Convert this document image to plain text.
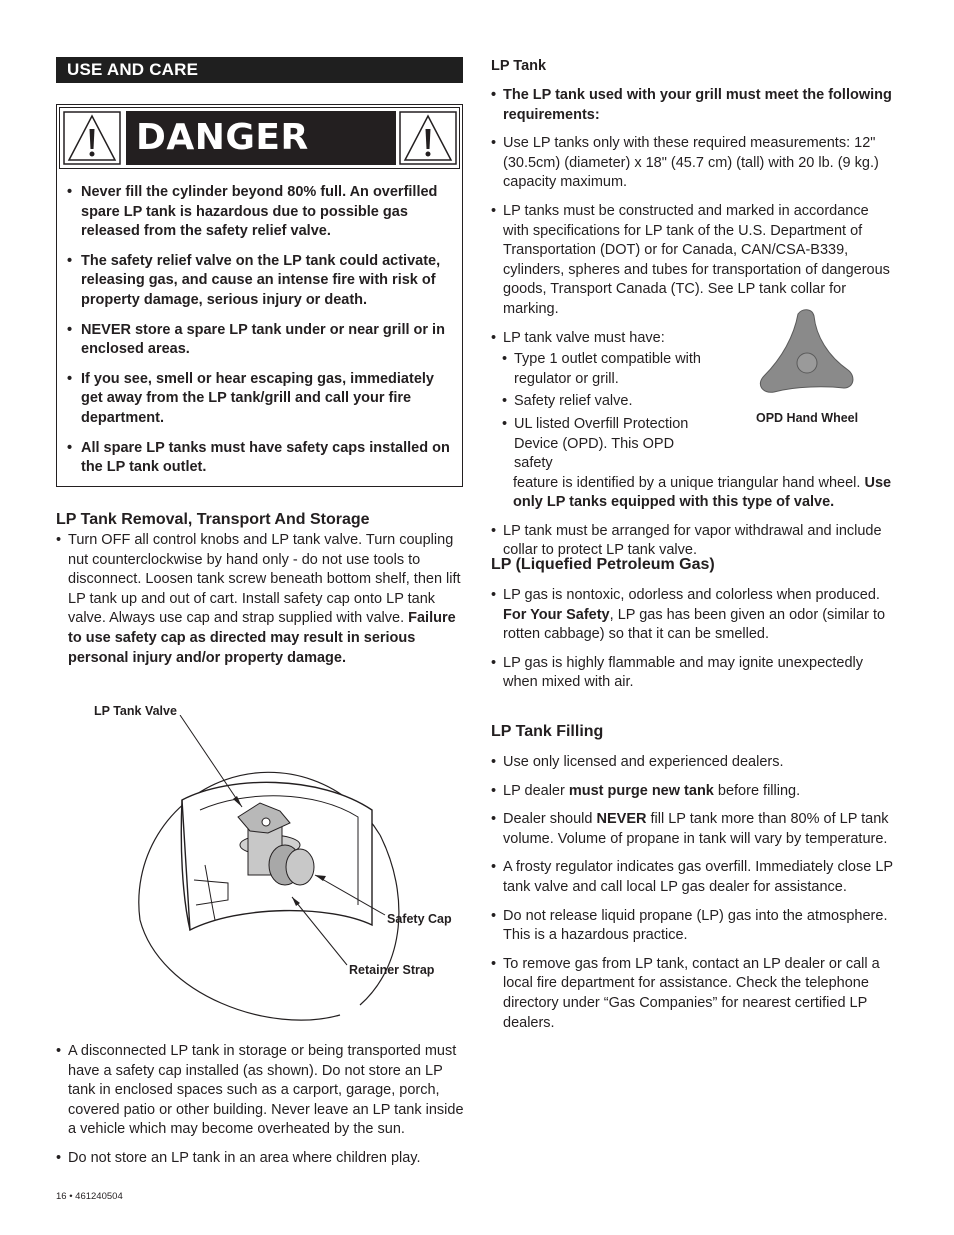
USE AND CARE
DANGER
• Never fill the cylinder beyond 80% full. An overfilled spare LP tank is hazardous due to possible gas released from the safety relief valve.
• The safety relief valve on the LP tank could activate, releasing gas, and cause an intense fire with risk of property damage, serious injury or death.
• NEVER store a spare LP tank under or near grill or in enclosed areas.
• If you see, smell or hear escaping gas, immediately get away from the LP tank/grill and call your fire department.
• All spare LP tanks must have safety caps installed on the LP tank outlet.
LP Tank Removal, Transport And Storage
• Turn OFF all control knobs and LP tank valve. Turn coupling nut counterclockwise by hand only - do not use tools to disconnect. Loosen tank screw beneath bottom shelf, then lift LP tank up and out of cart. Install safety cap onto LP tank valve. Always use cap and strap supplied with valve. Failure to use safety cap as directed may result in serious personal injury and/or property damage.
LP Tank Valve
Safety Cap
Retainer Strap
• A disconnected LP tank in storage or being transported must have a safety cap installed (as shown). Do not store an LP tank in enclosed spaces such as a carport, garage, porch, covered patio or other building. Never leave an LP tank inside a vehicle which may become overheated by the sun.
• Do not store an LP tank in an area where children play.
LP Tank
• The LP tank used with your grill must meet the following requirements:
• Use LP tanks only with these required measurements: 12" (30.5cm) (diameter) x 18" (45.7 cm) (tall) with 20 lb. (9 kg.) capacity maximum.
• LP tanks must be constructed and marked in accordance with specifications for LP tank of the U.S. Department of Transportation (DOT) or for Canada, CAN/CSA-B339, cylinders, spheres and tubes for transportation of dangerous goods, Transport Canada (TC). See LP tank collar for marking.
• LP tank valve must have:
• Type 1 outlet compatible with regulator or grill.
• Safety relief valve.
• UL listed Overfill Protection Device (OPD). This OPD safety
feature is identified by a unique triangular hand wheel. Use only LP tanks equipped with this type of valve.
• LP tank must be arranged for vapor withdrawal and include collar to protect LP tank valve.
OPD Hand Wheel
LP (Liquefied Petroleum Gas)
• LP gas is nontoxic, odorless and colorless when produced. For Your Safety, LP gas has been given an odor (similar to rotten cabbage) so that it can be smelled.
• LP gas is highly flammable and may ignite unexpectedly when mixed with air.
LP Tank Filling
• Use only licensed and experienced dealers.
• LP dealer must purge new tank before filling.
• Dealer should NEVER fill LP tank more than 80% of LP tank volume. Volume of propane in tank will vary by temperature.
• A frosty regulator indicates gas overfill. Immediately close LP tank valve and call local LP gas dealer for assistance.
• Do not release liquid propane (LP) gas into the atmosphere. This is a hazardous practice.
• To remove gas from LP tank, contact an LP dealer or call a local fire department for assistance. Check the telephone directory under “Gas Companies” for nearest certified LP dealers.
16 • 461240504
